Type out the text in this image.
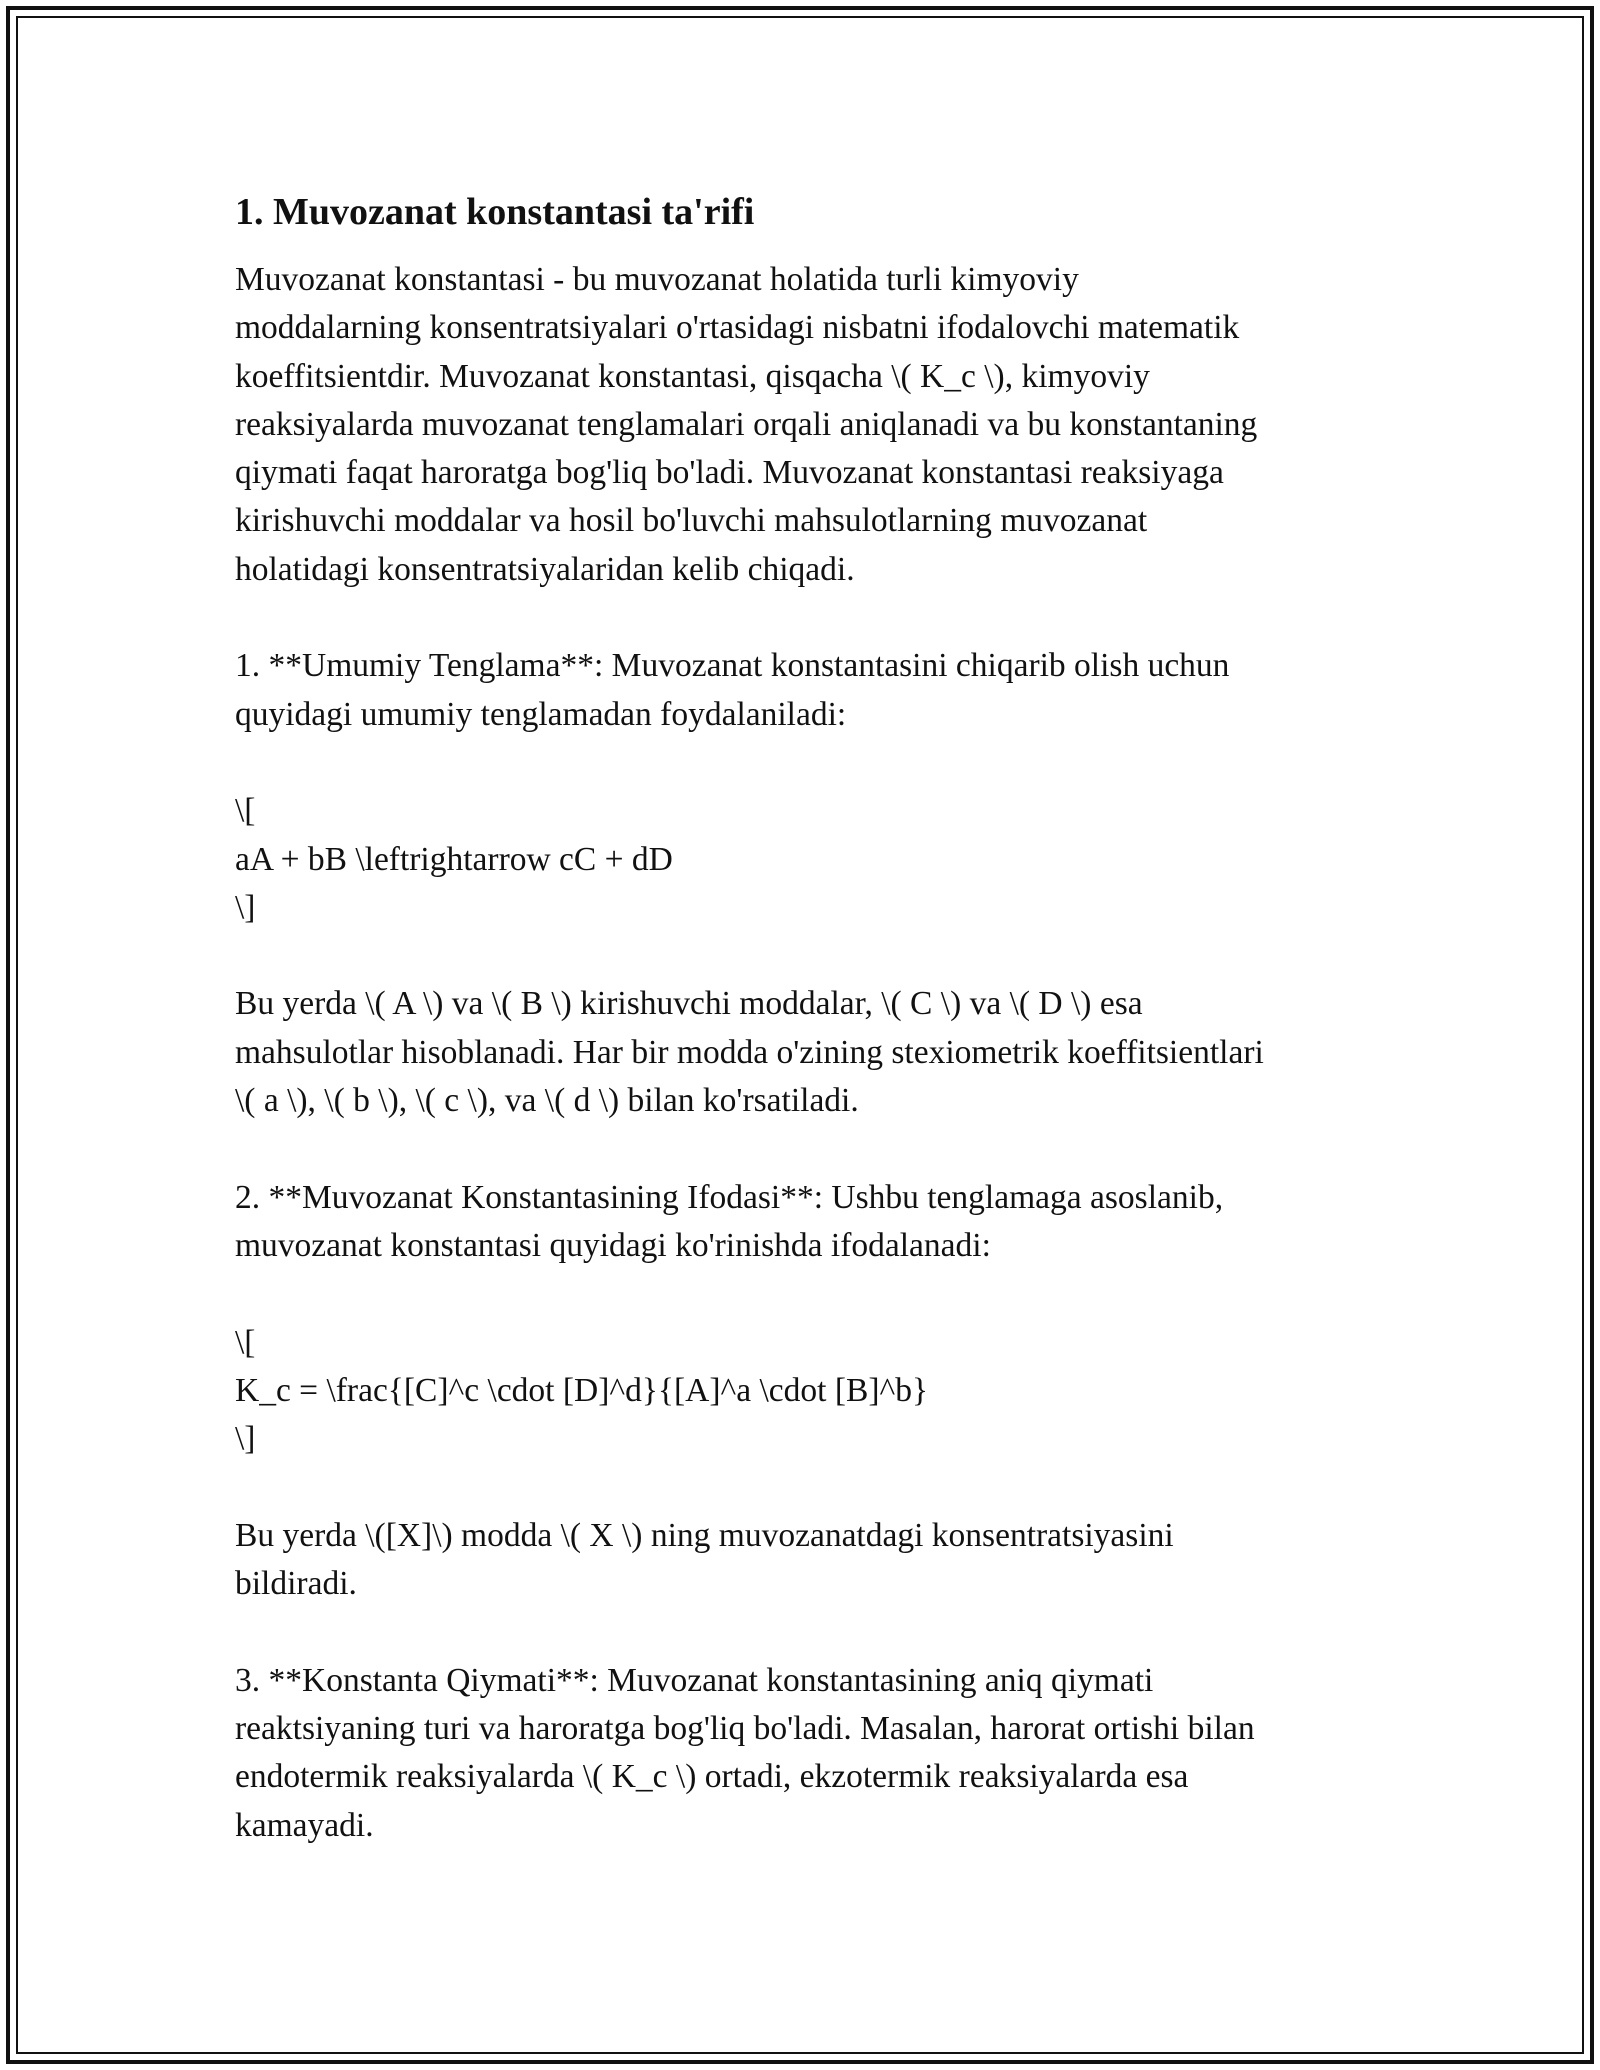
1. Muvozanat konstantasi ta'rifi

Muvozanat konstantasi - bu muvozanat holatida turli kimyoviy
moddalarning konsentratsiyalari o'rtasidagi nisbatni ifodalovchi matematik
koeffitsientdir. Muvozanat konstantasi, qisqacha \( K_c \), kimyoviy
reaksiyalarda muvozanat tenglamalari orqali aniqlanadi va bu konstantaning
qiymati faqat haroratga bog'liq bo'ladi. Muvozanat konstantasi reaksiyaga
kirishuvchi moddalar va hosil bo'luvchi mahsulotlarning muvozanat
holatidagi konsentratsiyalaridan kelib chiqadi.

1. **Umumiy Tenglama**: Muvozanat konstantasini chiqarib olish uchun
quyidagi umumiy tenglamadan foydalaniladi:

\[
aA + bB \leftrightarrow cC + dD
\]

Bu yerda \( A \) va \( B \) kirishuvchi moddalar, \( C \) va \( D \) esa
mahsulotlar hisoblanadi. Har bir modda o'zining stexiometrik koeffitsientlari
\( a \), \( b \), \( c \), va \( d \) bilan ko'rsatiladi.

2. **Muvozanat Konstantasining Ifodasi**: Ushbu tenglamaga asoslanib,
muvozanat konstantasi quyidagi ko'rinishda ifodalanadi:

\[
K_c = \frac{[C]^c \cdot [D]^d}{[A]^a \cdot [B]^b}
\]

Bu yerda \([X]\) modda \( X \) ning muvozanatdagi konsentratsiyasini
bildiradi.

3. **Konstanta Qiymati**: Muvozanat konstantasining aniq qiymati
reaktsiyaning turi va haroratga bog'liq bo'ladi. Masalan, harorat ortishi bilan
endotermik reaksiyalarda \( K_c \) ortadi, ekzotermik reaksiyalarda esa
kamayadi.
